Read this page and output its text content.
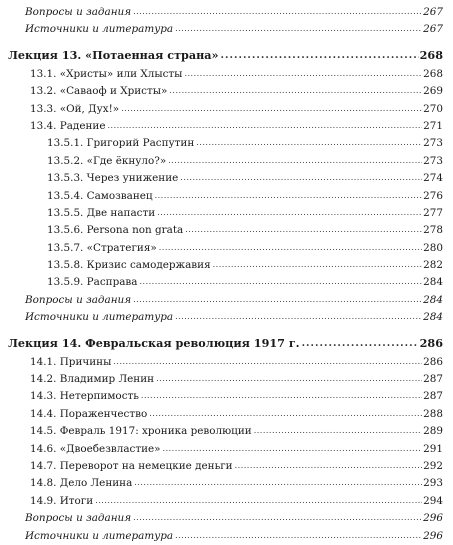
Вопросы и задания .....	267
Источники и литература .....	267
Лекция 13. «Потаенная страна» .....	268
13.1. «Христы» или Хлысты .....	268
13.2. «Саваоф и Христы» .....	269
13.3. «Ой, Дух!» .....	270
13.4. Радение .....	271
13.5.1. Григорий Распутин .....	273
13.5.2. «Где ёкнуло?» .....	273
13.5.3. Через унижение .....	274
13.5.4. Самозванец .....	276
13.5.5. Две напасти .....	277
13.5.6. Persona non grata .....	278
13.5.7. «Стратегия» .....	280
13.5.8. Кризис самодержавия .....	282
13.5.9. Расправа .....	284
Вопросы и задания .....	284
Источники и литература .....	284
Лекция 14. Февральская революция 1917 г. .....	286
14.1. Причины .....	286
14.2. Владимир Ленин .....	287
14.3. Нетерпимость .....	287
14.4. Пораженчество .....	288
14.5. Февраль 1917: хроника революции .....	289
14.6. «Двоебезвластие» .....	291
14.7. Переворот на немецкие деньги .....	292
14.8. Дело Ленина .....	293
14.9. Итоги .....	294
Вопросы и задания .....	296
Источники и литература .....	296
